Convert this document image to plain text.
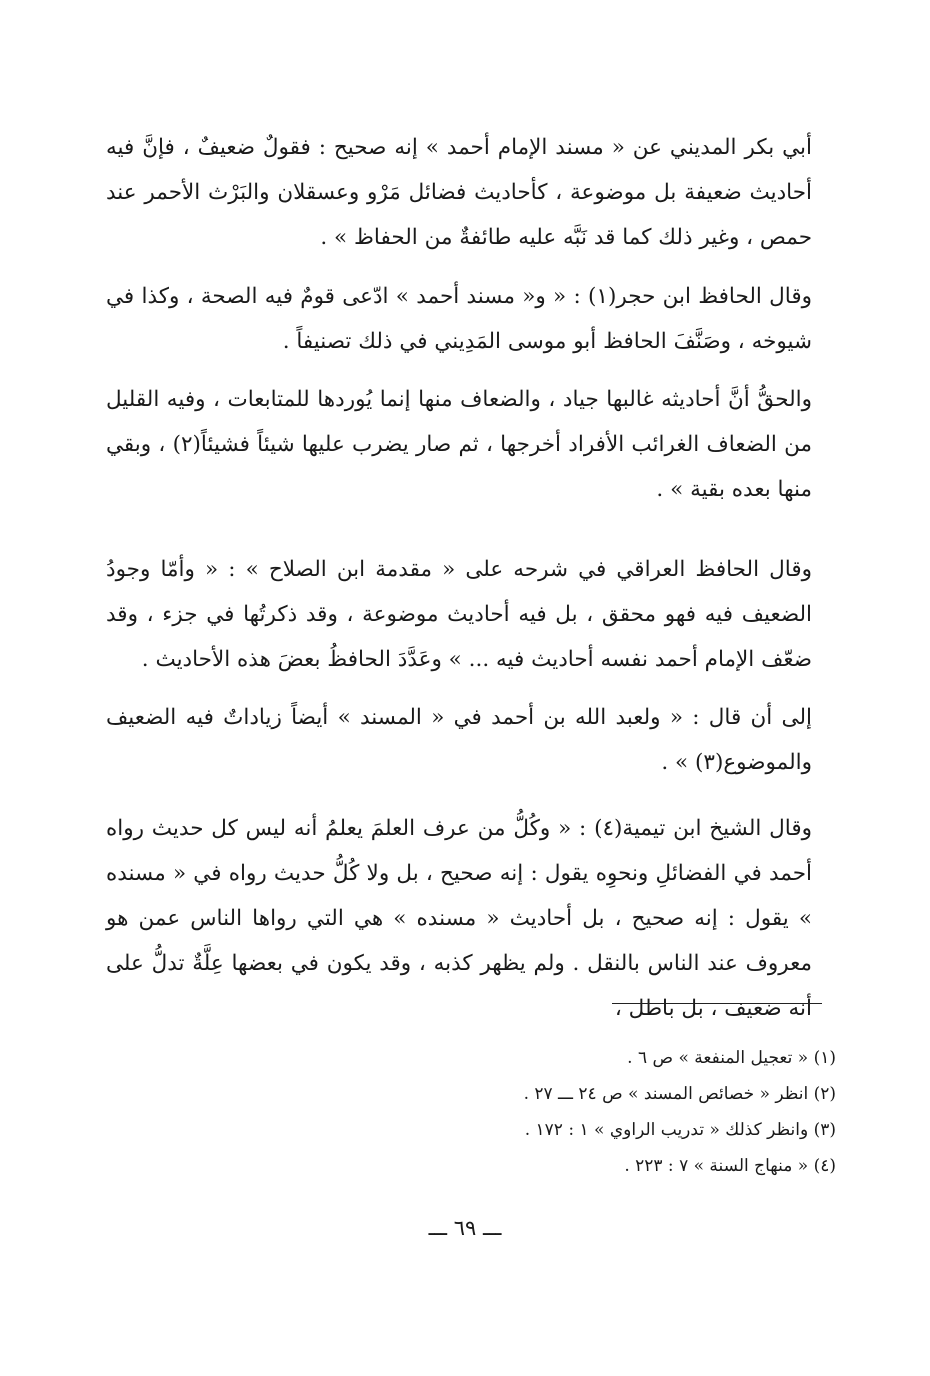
أبي بكر المديني عن « مسند الإمام أحمد » إنه صحيح : فقولٌ ضعيفٌ ، فإنَّ فيه أحاديث ضعيفة بل موضوعة ، كأحاديث فضائل مَرْو وعسقلان والبَرْث الأحمر عند حمص ، وغير ذلك كما قد نَبَّه عليه طائفةٌ من الحفاظ » .

وقال الحافظ ابن حجر(١) : « و« مسند أحمد » ادّعى قومٌ فيه الصحة ، وكذا في شيوخه ، وصَنَّفَ الحافظ أبو موسى المَدِيني في ذلك تصنيفاً .

والحقُّ أنَّ أحاديثه غالبها جياد ، والضعاف منها إنما يُوردها للمتابعات ، وفيه القليل من الضعاف الغرائب الأفراد أخرجها ، ثم صار يضرب عليها شيئاً فشيئاً(٢) ، وبقي منها بعده بقية » .

وقال الحافظ العراقي في شرحه على « مقدمة ابن الصلاح » : « وأمّا وجودُ الضعيف فيه فهو محقق ، بل فيه أحاديث موضوعة ، وقد ذكرتُها في جزء ، وقد ضعّف الإمام أحمد نفسه أحاديث فيه ... » وعَدَّدَ الحافظُ بعضَ هذه الأحاديث .

إلى أن قال : « ولعبد الله بن أحمد في « المسند » أيضاً زياداتٌ فيه الضعيف والموضوع(٣) » .

وقال الشيخ ابن تيمية(٤) : « وكُلُّ من عرف العلمَ يعلمُ أنه ليس كل حديث رواه أحمد في الفضائلِ ونحوِه يقول : إنه صحيح ، بل ولا كُلُّ حديث رواه في « مسنده » يقول : إنه صحيح ، بل أحاديث « مسنده » هي التي رواها الناس عمن هو معروف عند الناس بالنقل . ولم يظهر كذبه ، وقد يكون في بعضها عِلَّةٌ تدلُّ على أنه ضعيف ، بل باطل ،

(١) « تعجيل المنفعة » ص ٦ .

(٢) انظر « خصائص المسند » ص ٢٤ ـــ ٢٧ .

(٣) وانظر كذلك « تدريب الراوي » ١ : ١٧٢ .

(٤) « منهاج السنة » ٧ : ٢٢٣ .

ـــ ٦٩ ـــ
